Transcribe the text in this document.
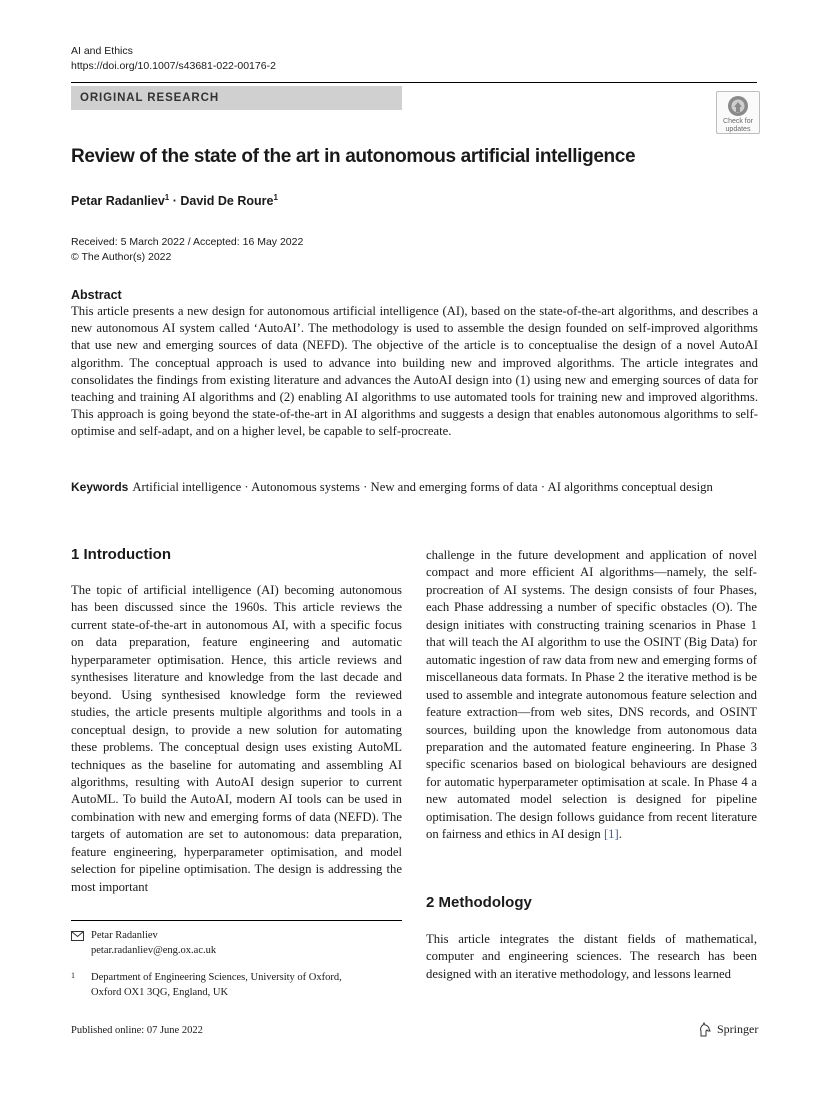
AI and Ethics
https://doi.org/10.1007/s43681-022-00176-2
ORIGINAL RESEARCH
Check for
updates
Review of the state of the art in autonomous artificial intelligence
Petar Radanliev$^1$ · David De Roure$^1$
Received: 5 March 2022 / Accepted: 16 May 2022
© The Author(s) 2022
Abstract
This article presents a new design for autonomous artificial intelligence (AI), based on the state-of-the-art algorithms, and describes a new autonomous AI system called ‘AutoAI’. The methodology is used to assemble the design founded on self-improved algorithms that use new and emerging sources of data (NEFD). The objective of the article is to conceptualise the design of a novel AutoAI algorithm. The conceptual approach is used to advance into building new and improved algorithms. The article integrates and consolidates the findings from existing literature and advances the AutoAI design into (1) using new and emerging sources of data for teaching and training AI algorithms and (2) enabling AI algorithms to use automated tools for training new and improved algorithms. This approach is going beyond the state-of-the-art in AI algorithms and suggests a design that enables autonomous algorithms to self-optimise and self-adapt, and on a higher level, be capable to self-procreate.
Keywords Artificial intelligence · Autonomous systems · New and emerging forms of data · AI algorithms conceptual design
1 Introduction
2 Methodology
The topic of artificial intelligence (AI) becoming autonomous has been discussed since the 1960s. This article reviews the current state-of-the-art in autonomous AI, with a specific focus on data preparation, feature engineering and automatic hyperparameter optimisation. Hence, this article reviews and synthesises literature and knowledge from the last decade and beyond. Using synthesised knowledge form the reviewed studies, the article presents multiple algorithms and tools in a conceptual design, to provide a new solution for automating these problems. The conceptual design uses existing AutoML techniques as the baseline for automating and assembling AI algorithms, resulting with AutoAI design superior to current AutoML. To build the AutoAI, modern AI tools can be used in combination with new and emerging forms of data (NEFD). The targets of automation are set to autonomous: data preparation, feature engineering, hyperparameter optimisation, and model selection for pipeline optimisation. The design is addressing the most important
challenge in the future development and application of novel compact and more efficient AI algorithms—namely, the self-procreation of AI systems. The design consists of four Phases, each Phase addressing a number of specific obstacles (O). The design initiates with constructing training scenarios in Phase 1 that will teach the AI algorithm to use the OSINT (Big Data) for automatic ingestion of raw data from new and emerging forms of miscellaneous data formats. In Phase 2 the iterative method is be used to assemble and integrate autonomous feature selection and feature extraction—from web sites, DNS records, and OSINT sources, building upon the knowledge from autonomous data preparation and the automated feature engineering. In Phase 3 specific scenarios based on biological behaviours are designed for automatic hyperparameter optimisation at scale. In Phase 4 a new automated model selection is designed for pipeline optimisation. The design follows guidance from recent literature on fairness and ethics in AI design [1].
This article integrates the distant fields of mathematical, computer and engineering sciences. The research has been designed with an iterative methodology, and lessons learned
Petar Radanliev
petar.radanliev@eng.ox.ac.uk
1 Department of Engineering Sciences, University of Oxford,
Oxford OX1 3QG, England, UK
Published online: 07 June 2022	Springer
